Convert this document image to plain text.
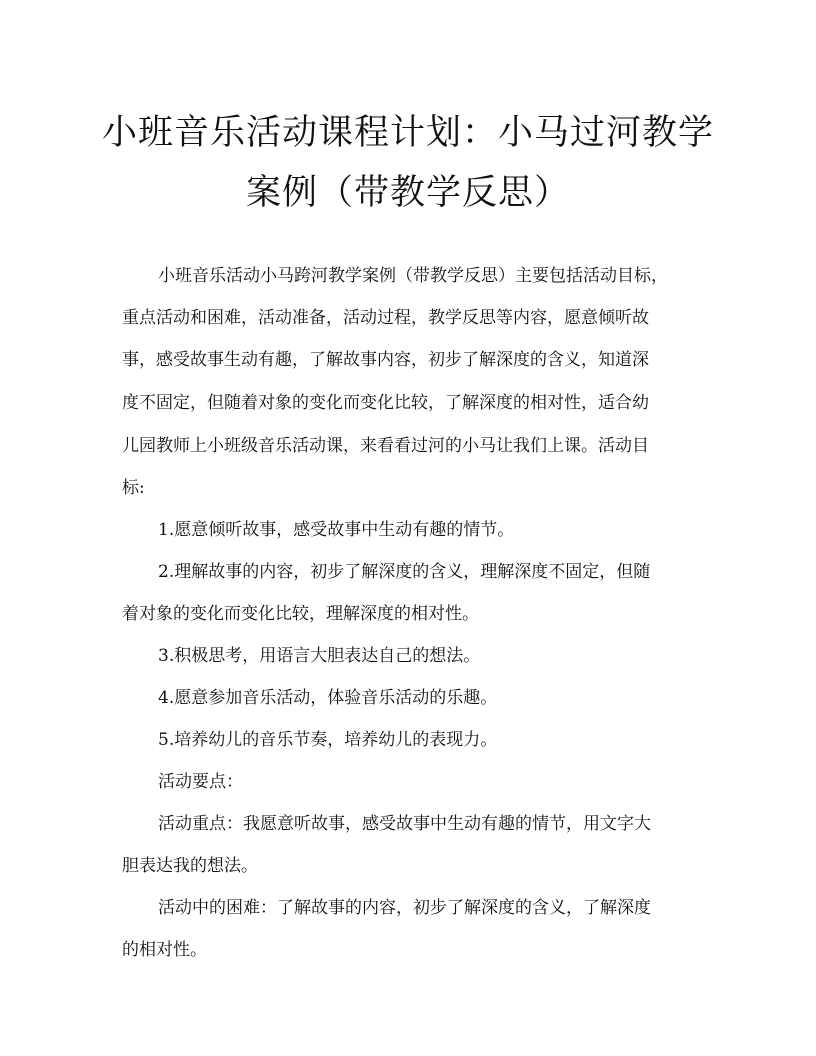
小班音乐活动课程计划：小马过河教学
案例（带教学反思）

小班音乐活动小马跨河教学案例（带教学反思）主要包括活动目标，

重点活动和困难，活动准备，活动过程，教学反思等内容，愿意倾听故

事，感受故事生动有趣，了解故事内容，初步了解深度的含义，知道深

度不固定，但随着对象的变化而变化比较，了解深度的相对性，适合幼

儿园教师上小班级音乐活动课，来看看过河的小马让我们上课。活动目

标:

1.愿意倾听故事，感受故事中生动有趣的情节。

2.理解故事的内容，初步了解深度的含义，理解深度不固定，但随

着对象的变化而变化比较，理解深度的相对性。

3.积极思考，用语言大胆表达自己的想法。

4.愿意参加音乐活动，体验音乐活动的乐趣。

5.培养幼儿的音乐节奏，培养幼儿的表现力。

活动要点：

活动重点：我愿意听故事，感受故事中生动有趣的情节，用文字大

胆表达我的想法。

活动中的困难：了解故事的内容，初步了解深度的含义，了解深度

的相对性。
